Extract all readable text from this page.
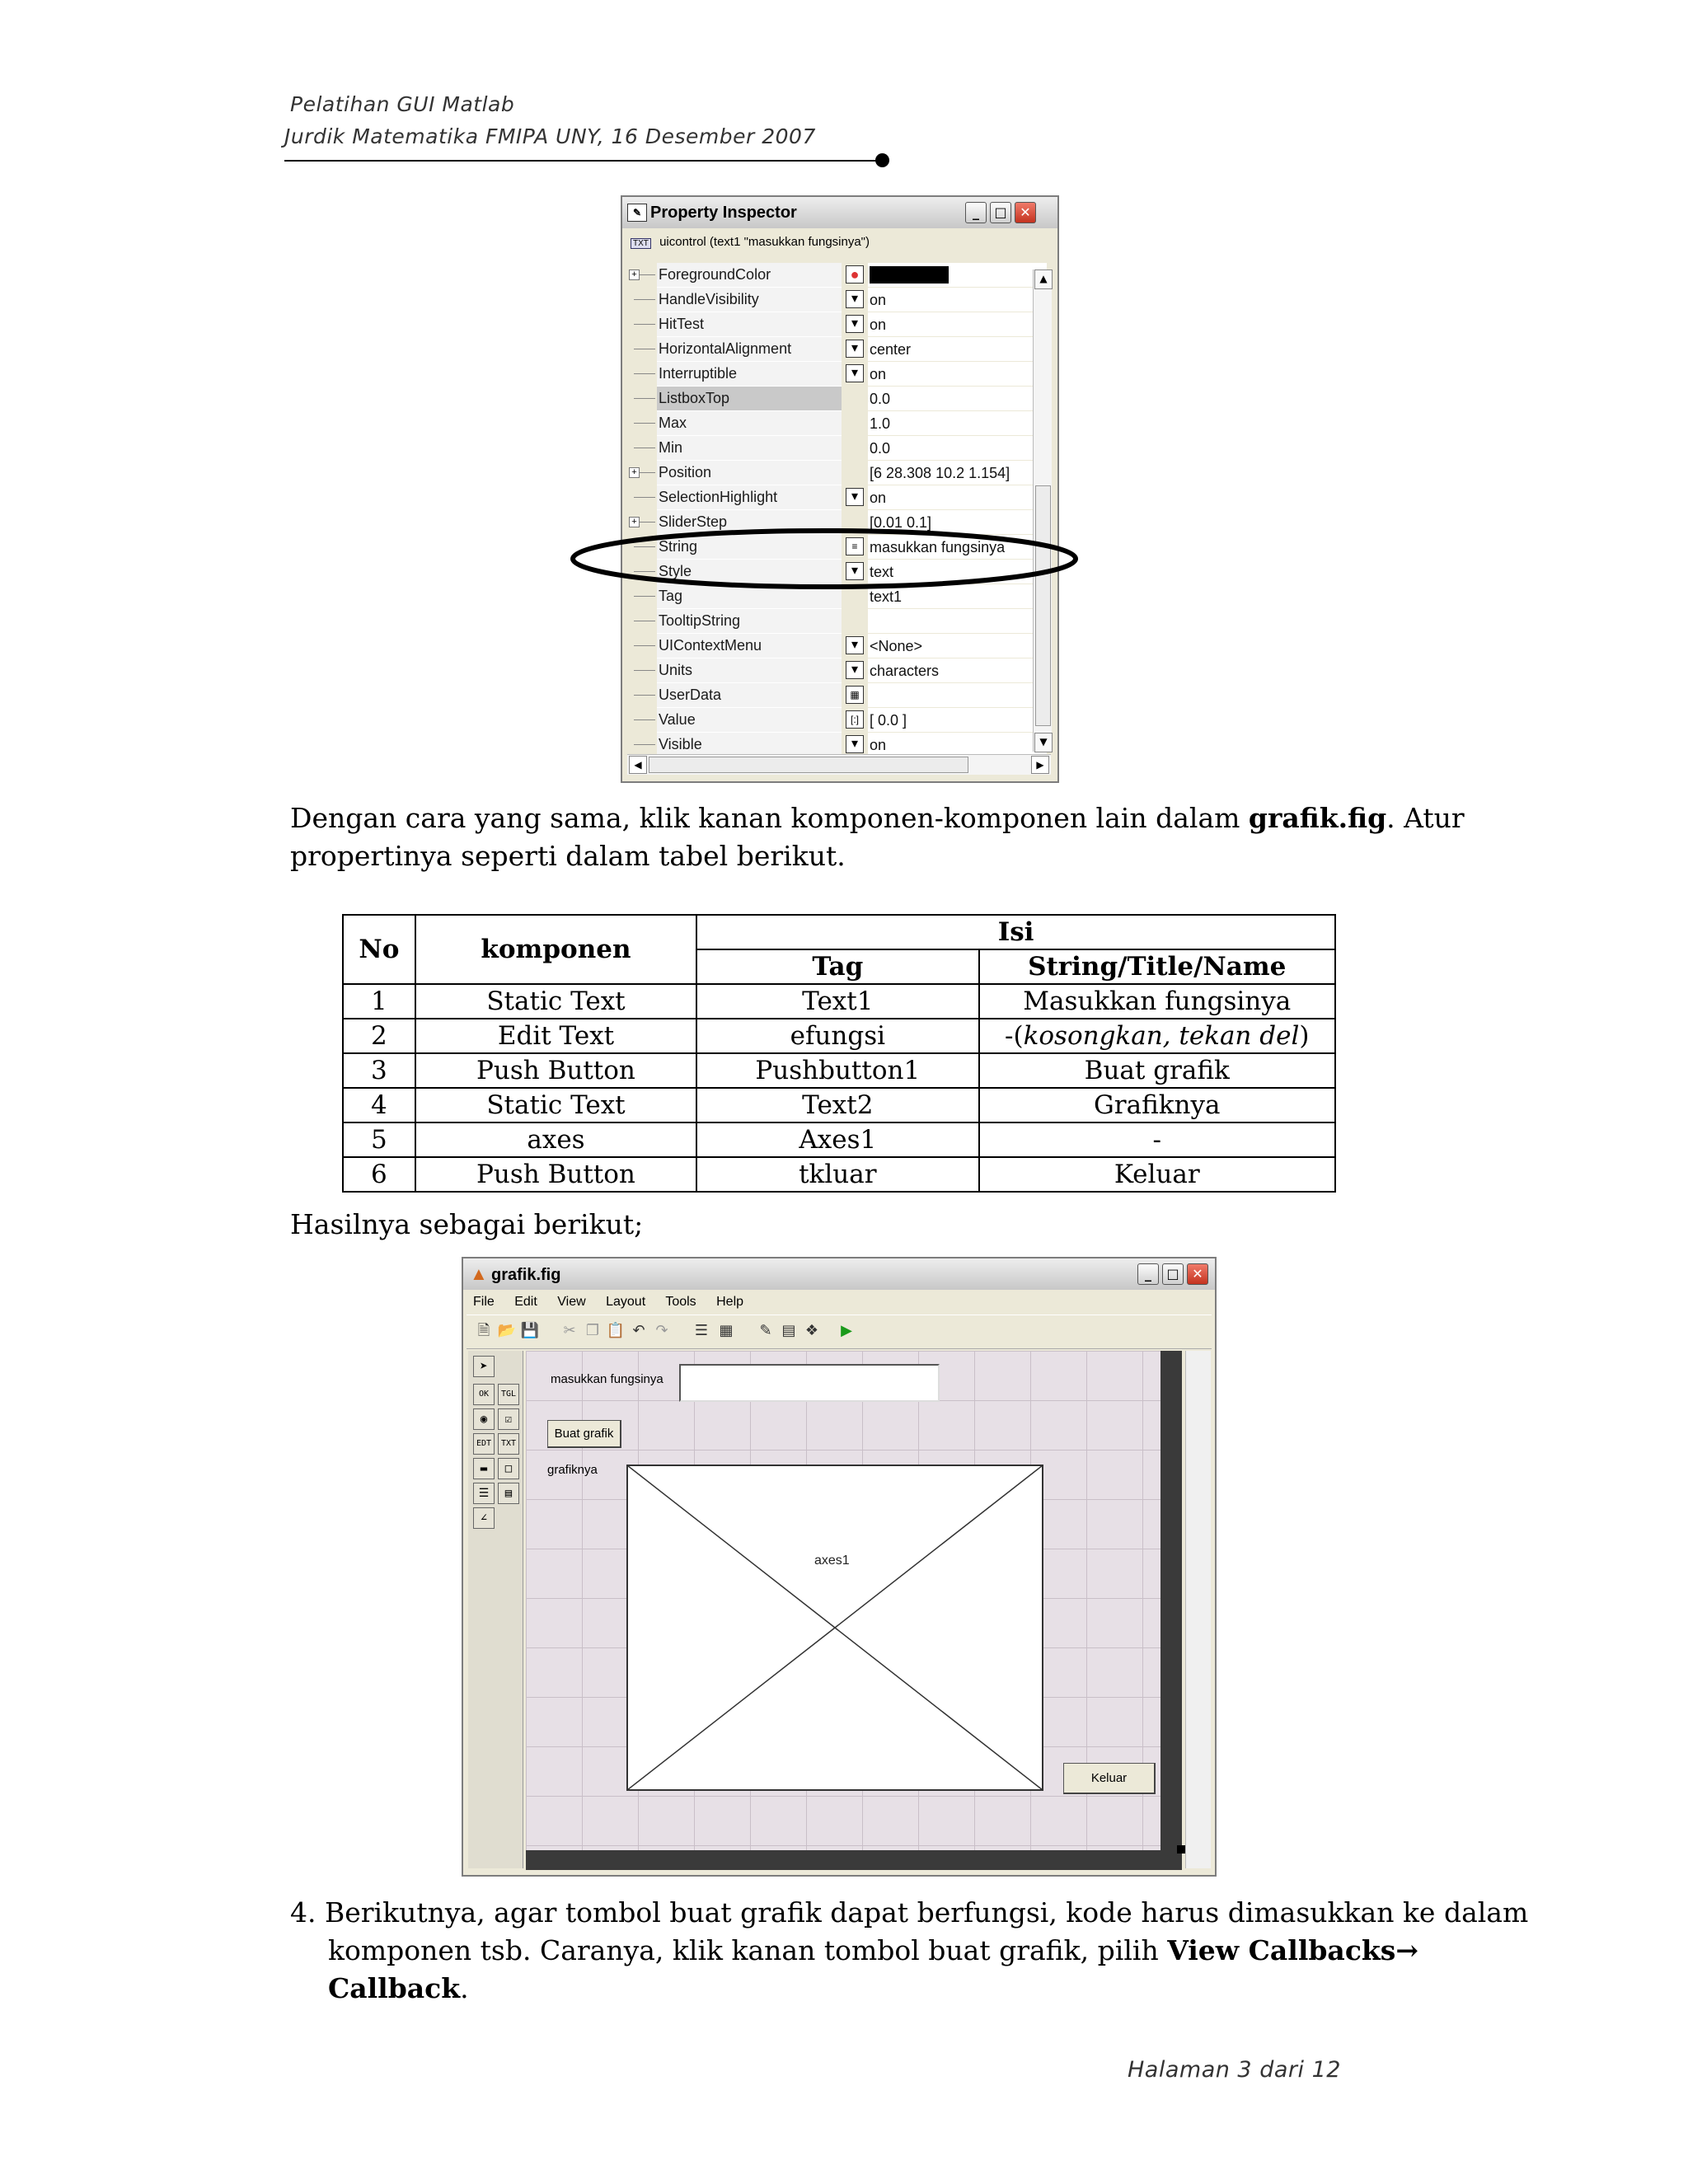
Pelatihan GUI Matlab
Jurdik Matematika FMIPA UNY, 16 Desember 2007
✎ Property Inspector	_	□ ✕
TXT uicontrol (text1 "masukkan fungsinya")
+ ForegroundColor	●
HandleVisibility	▾ on
HitTest	▾ on
HorizontalAlignment	▾ center
Interruptible	▾ on
ListboxTop	0.0
Max	1.0
Min	0.0
+ Position	[6 28.308 10.2 1.154]
SelectionHighlight	▾ on
+ SliderStep	[0.01 0.1]
String	≡ masukkan fungsinya
Style	▾ text
Tag	text1
TooltipString
UIContextMenu	▾ <None>
Units	▾ characters
UserData	▦
Value	[:] [ 0.0 ]
Visible	▾ on
▲
▼
◀	▶
Dengan cara yang sama, klik kanan komponen-komponen lain dalam grafik.fig. Atur
propertinya seperti dalam tabel berikut.
No	komponen	Isi	
		Tag	String/Title/Name
1	Static Text	Text1	Masukkan fungsinya
2	Edit Text	efungsi	-(kosongkan, tekan del)
3	Push Button	Pushbutton1	Buat grafik
4	Static Text	Text2	Grafiknya
5	axes	Axes1	-
6	Push Button	tkluar	Keluar
Hasilnya sebagai berikut;
▲ grafik.fig	_	□ ✕
File Edit View Layout Tools Help
🗎 📂 💾	✂ ❐ 📋 ↶ ↷	☰ ▦	✎ ▤ ❖	▶
➤
OK	TGL
◉	☑
EDT	TXT
▬	□
☰	▤
∠
masukkan fungsinya
Buat grafik
grafiknya
axes1
Keluar
4. Berikutnya, agar tombol buat grafik dapat berfungsi, kode harus dimasukkan ke dalam
komponen tsb. Caranya, klik kanan tombol buat grafik, pilih View Callbacks→
Callback.
Halaman 3 dari 12
